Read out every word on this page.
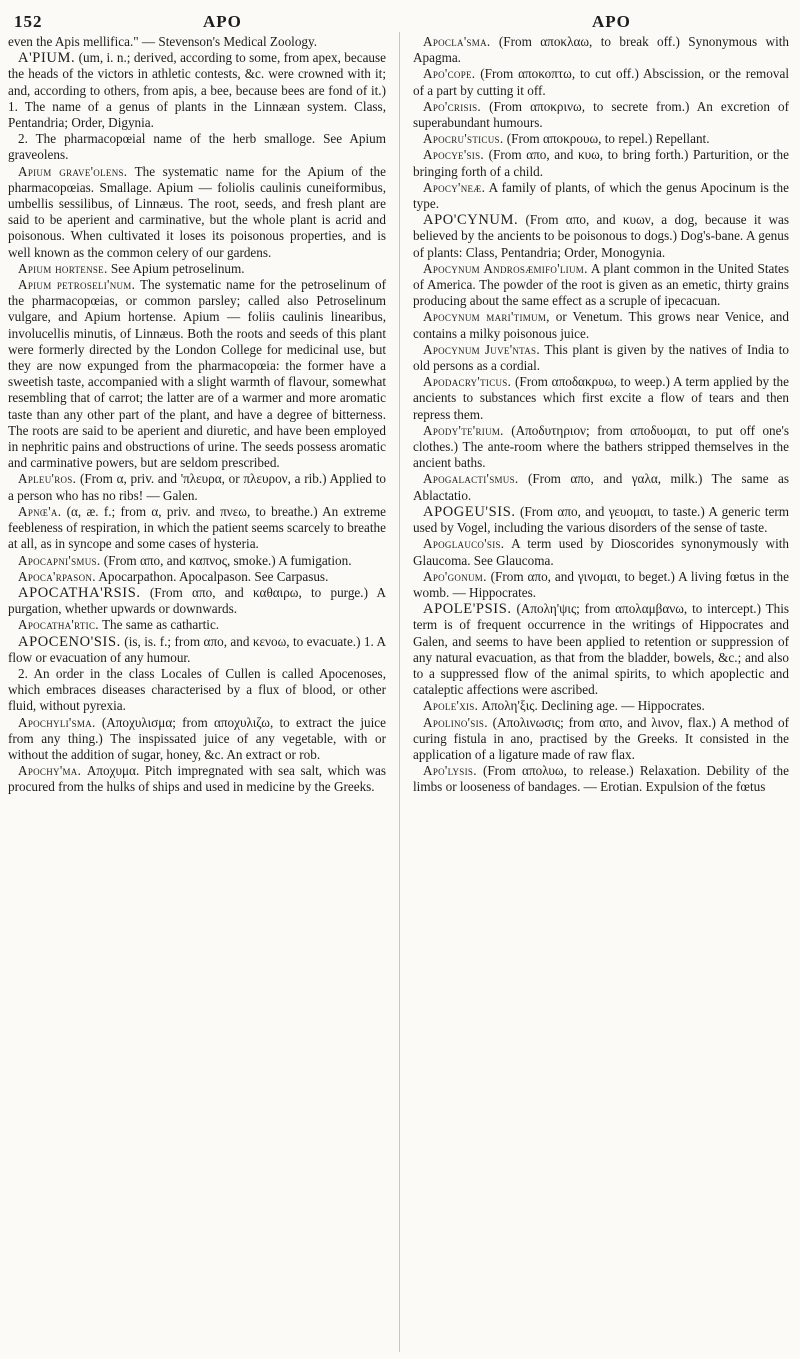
152	APO	APO

even the Apis mellifica." — Stevenson's Medical Zoology.

A'PIUM. (um, i. n.; derived, according to some, from apex, because the heads of the victors in athletic contests, &c. were crowned with it; and, according to others, from apis, a bee, because bees are fond of it.) 1. The name of a genus of plants in the Linnæan system. Class, Pentandria; Order, Digynia.

2. The pharmacopœial name of the herb smalloge. See Apium graveolens.

Apium grave'olens. The systematic name for the Apium of the pharmacopœias. Smallage. Apium — foliolis caulinis cuneiformibus, umbellis sessilibus, of Linnæus. The root, seeds, and fresh plant are said to be aperient and carminative, but the whole plant is acrid and poisonous. When cultivated it loses its poisonous properties, and is well known as the common celery of our gardens.

Apium hortense. See Apium petroselinum.

Apium petroseli'num. The systematic name for the petroselinum of the pharmacopœias, or common parsley; called also Petroselinum vulgare, and Apium hortense. Apium — foliis caulinis linearibus, involucellis minutis, of Linnæus. Both the roots and seeds of this plant were formerly directed by the London College for medicinal use, but they are now expunged from the pharmacopœia: the former have a sweetish taste, accompanied with a slight warmth of flavour, somewhat resembling that of carrot; the latter are of a warmer and more aromatic taste than any other part of the plant, and have a degree of bitterness. The roots are said to be aperient and diuretic, and have been employed in nephritic pains and obstructions of urine. The seeds possess aromatic and carminative powers, but are seldom prescribed.

Apleu'ros. (From α, priv. and 'πλευρα, or πλευρον, a rib.) Applied to a person who has no ribs! — Galen.

Apnœ'a. (α, æ. f.; from α, priv. and πνεω, to breathe.) An extreme feebleness of respiration, in which the patient seems scarcely to breathe at all, as in syncope and some cases of hysteria.

Apocapni'smus. (From απο, and καπνος, smoke.) A fumigation.

Apoca'rpason. Apocarpathon. Apocalpason. See Carpasus.

APOCATHA'RSIS. (From απο, and καθαιρω, to purge.) A purgation, whether upwards or downwards.

Apocatha'rtic. The same as cathartic.

APOCENO'SIS. (is, is. f.; from απο, and κενοω, to evacuate.) 1. A flow or evacuation of any humour.

2. An order in the class Locales of Cullen is called Apocenoses, which embraces diseases characterised by a flux of blood, or other fluid, without pyrexia.

Apochyli'sma. (Αποχυλισμα; from αποχυλιζω, to extract the juice from any thing.) The inspissated juice of any vegetable, with or without the addition of sugar, honey, &c. An extract or rob.

Apochy'ma. Αποχυμα. Pitch impregnated with sea salt, which was procured from the hulks of ships and used in medicine by the Greeks.

Apocla'sma. (From αποκλαω, to break off.) Synonymous with Apagma.

Apo'cope. (From αποκοπτω, to cut off.) Abscission, or the removal of a part by cutting it off.

Apo'crisis. (From αποκρινω, to secrete from.) An excretion of superabundant humours.

Apocru'sticus. (From αποκρουω, to repel.) Repellant.

Apocye'sis. (From απο, and κυω, to bring forth.) Parturition, or the bringing forth of a child.

Apocy'neæ. A family of plants, of which the genus Apocinum is the type.

APO'CYNUM. (From απο, and κυων, a dog, because it was believed by the ancients to be poisonous to dogs.) Dog's-bane. A genus of plants: Class, Pentandria; Order, Monogynia.

Apocynum Androsæmifo'lium. A plant common in the United States of America. The powder of the root is given as an emetic, thirty grains producing about the same effect as a scruple of ipecacuan.

Apocynum mari'timum, or Venetum. This grows near Venice, and contains a milky poisonous juice.

Apocynum Juve'ntas. This plant is given by the natives of India to old persons as a cordial.

Apodacry'ticus. (From αποδακρυω, to weep.) A term applied by the ancients to substances which first excite a flow of tears and then repress them.

Apody'te'rium. (Αποδυτηριον; from αποδυομαι, to put off one's clothes.) The ante-room where the bathers stripped themselves in the ancient baths.

Apogalacti'smus. (From απο, and γαλα, milk.) The same as Ablactatio.

APOGEU'SIS. (From απο, and γευομαι, to taste.) A generic term used by Vogel, including the various disorders of the sense of taste.

Apoglauco'sis. A term used by Dioscorides synonymously with Glaucoma. See Glaucoma.

Apo'gonum. (From απο, and γινομαι, to beget.) A living fœtus in the womb. — Hippocrates.

APOLE'PSIS. (Απολη'ψις; from απολαμβανω, to intercept.) This term is of frequent occurrence in the writings of Hippocrates and Galen, and seems to have been applied to retention or suppression of any natural evacuation, as that from the bladder, bowels, &c.; and also to a suppressed flow of the animal spirits, to which apoplectic and cataleptic affections were ascribed.

Apole'xis. Απολη'ξις. Declining age. — Hippocrates.

Apolino'sis. (Απολινωσις; from απο, and λινον, flax.) A method of curing fistula in ano, practised by the Greeks. It consisted in the application of a ligature made of raw flax.

Apo'lysis. (From απολυω, to release.) Relaxation. Debility of the limbs or looseness of bandages. — Erotian. Expulsion of the fœtus
